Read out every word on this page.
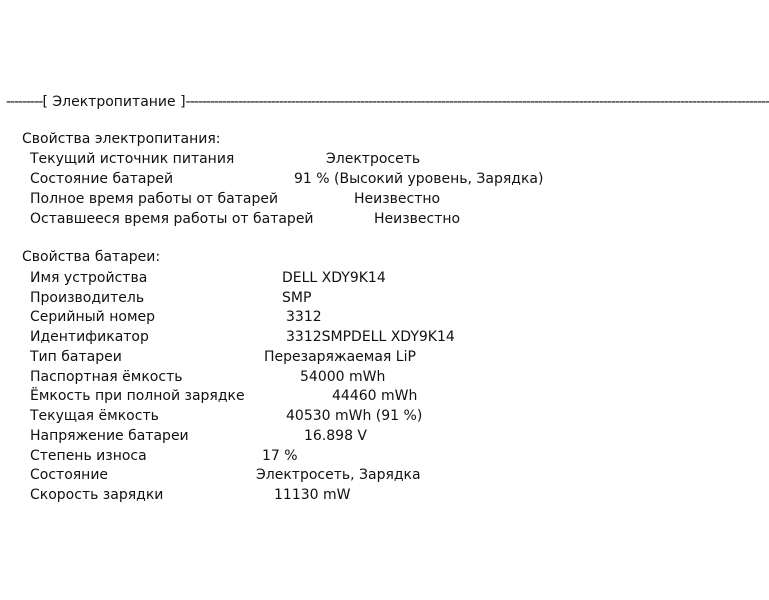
---------[ Электропитание ]------------------------------------------------------------------------------------------------------------------------------------------------
Свойства электропитания:
Текущий источник питания	Электросеть
Состояние батарей	91 % (Высокий уровень, Зарядка)
Полное время работы от батарей	Неизвестно
Оставшееся время работы от батарей	Неизвестно
Свойства батареи:
Имя устройства	DELL XDY9K14
Производитель	SMP
Серийный номер	3312
Идентификатор	3312SMPDELL XDY9K14
Тип батареи	Перезаряжаемая LiP
Паспортная ёмкость	54000 mWh
Ёмкость при полной зарядке	44460 mWh
Текущая ёмкость	40530 mWh (91 %)
Напряжение батареи	16.898 V
Степень износа	17 %
Состояние	Электросеть, Зарядка
Скорость зарядки	11130 mW
